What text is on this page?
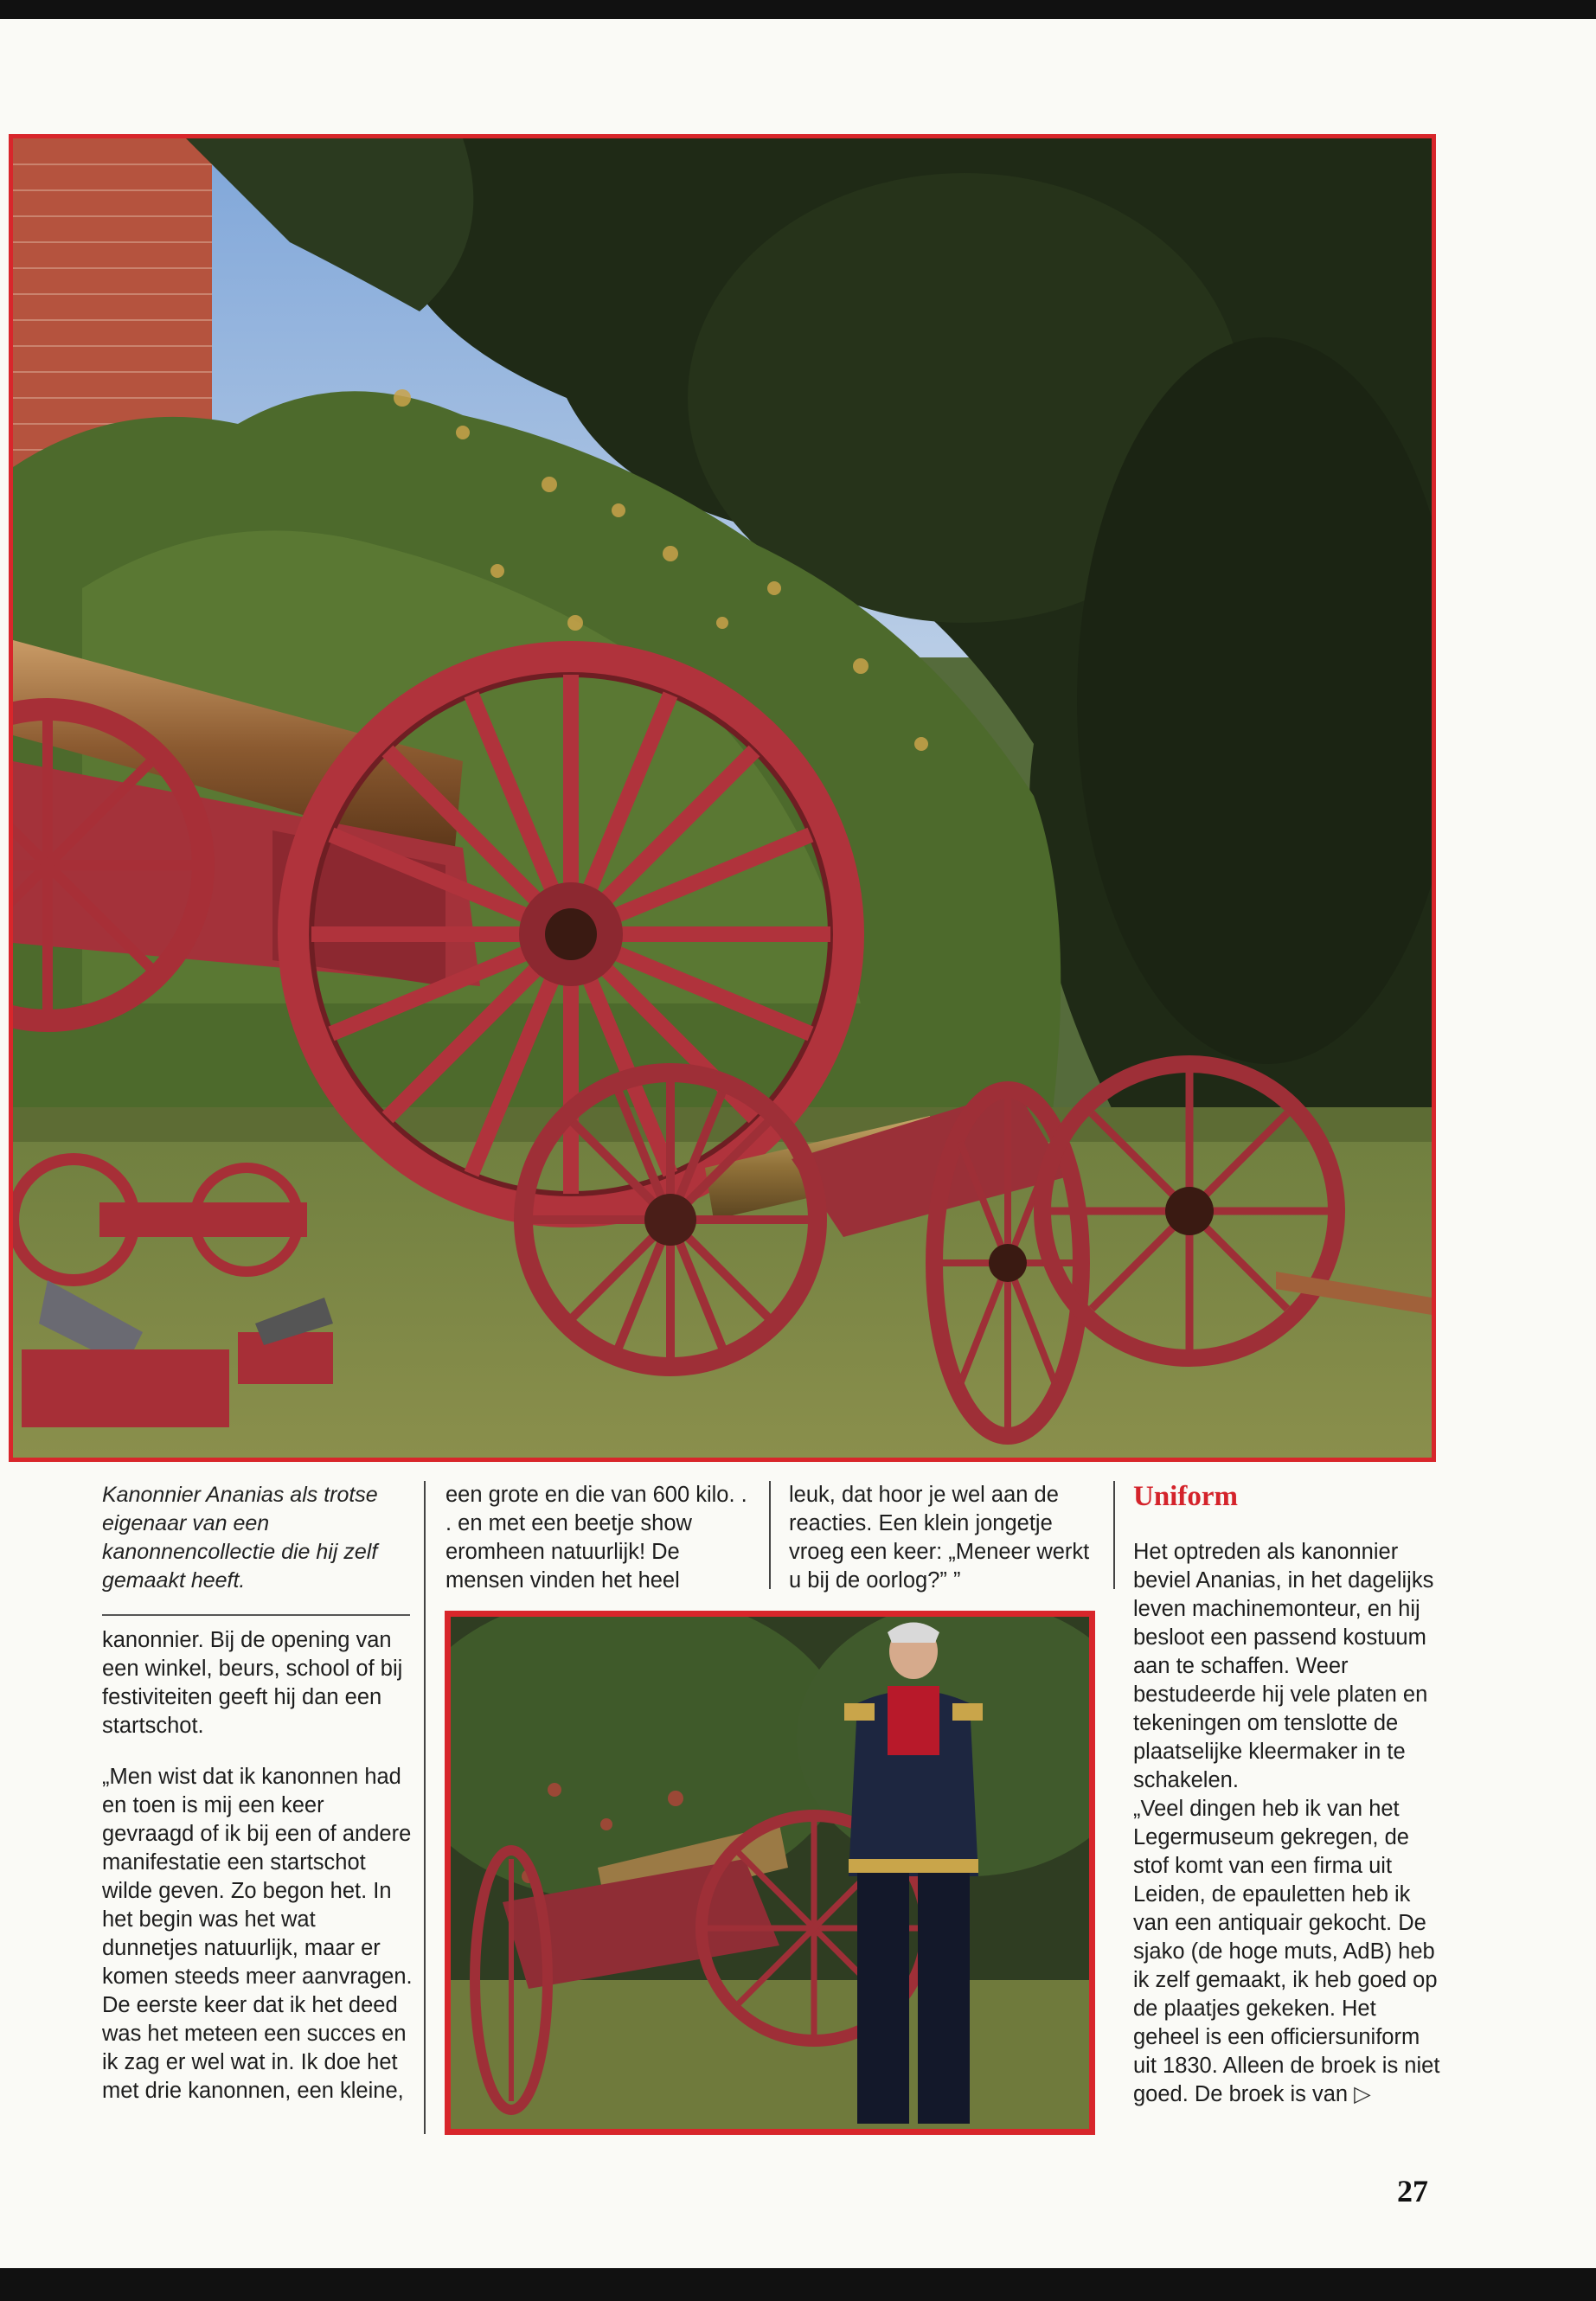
Kanonnier Ananias als trotse eigenaar van een kanonnencollectie die hij zelf gemaakt heeft.

kanonnier. Bij de opening van een winkel, beurs, school of bij festiviteiten geeft hij dan een startschot.

„Men wist dat ik kanonnen had en toen is mij een keer gevraagd of ik bij een of andere manifestatie een startschot wilde geven. Zo begon het. In het begin was het wat dunnetjes natuurlijk, maar er komen steeds meer aanvragen. De eerste keer dat ik het deed was het meteen een succes en ik zag er wel wat in. Ik doe het met drie kanonnen, een kleine,

een grote en die van 600 kilo. . . en met een beetje show eromheen natuurlijk! De mensen vinden het heel

leuk, dat hoor je wel aan de reacties. Een klein jongetje vroeg een keer: „Meneer werkt u bij de oorlog?” ”

Uniform

Het optreden als kanonnier beviel Ananias, in het dagelijks leven machinemonteur, en hij besloot een passend kostuum aan te schaffen. Weer bestudeerde hij vele platen en tekeningen om tenslotte de plaatselijke kleermaker in te schakelen.

„Veel dingen heb ik van het Legermuseum gekregen, de stof komt van een firma uit Leiden, de epauletten heb ik van een antiquair gekocht. De sjako (de hoge muts, AdB) heb ik zelf gemaakt, ik heb goed op de plaatjes gekeken. Het geheel is een officiersuniform uit 1830. Alleen de broek is niet goed. De broek is van ▷

27
